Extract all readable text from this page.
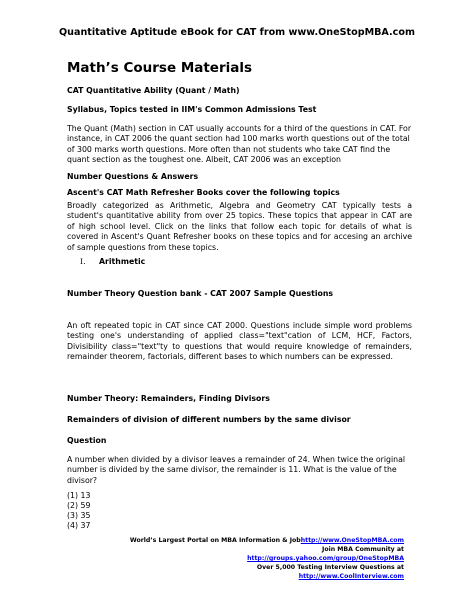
Quantitative Aptitude eBook for CAT from www.OneStopMBA.com
Math’s Course Materials
CAT Quantitative Ability (Quant / Math)
Syllabus, Topics tested in IIM's Common Admissions Test
The Quant (Math) section in CAT usually accounts for a third of the questions in CAT. For instance, in CAT 2006 the quant section had 100 marks worth questions out of the total of 300 marks worth questions. More often than not students who take CAT find the quant section as the toughest one. Albeit, CAT 2006 was an exception
Number Questions & Answers
Ascent's CAT Math Refresher Books cover the following topics
Broadly categorized as Arithmetic, Algebra and Geometry CAT typically tests a student's quantitative ability from over 25 topics. These topics that appear in CAT are of high school level. Click on the links that follow each topic for details of what is covered in Ascent's Quant Refresher books on these topics and for accesing an archive of sample questions from these topics.
I. Arithmetic
Number Theory Question bank - CAT 2007 Sample Questions
An oft repeated topic in CAT since CAT 2000. Questions include simple word problems testing one's understanding of applied class="text"cation of LCM, HCF, Factors, Divisibility class="text"ty to questions that would require knowledge of remainders, remainder theorem, factorials, different bases to which numbers can be expressed.
Number Theory: Remainders, Finding Divisors
Remainders of division of different numbers by the same divisor
Question
A number when divided by a divisor leaves a remainder of 24. When twice the original number is divided by the same divisor, the remainder is 11. What is the value of the divisor?
(1) 13
(2) 59
(3) 35
(4) 37
World’s Largest Portal on MBA Information & Jobhttp://www.OneStopMBA.com
Join MBA Community at
http://groups.yahoo.com/group/OneStopMBA
Over 5,000 Testing Interview Questions at
http://www.CoolInterview.com
